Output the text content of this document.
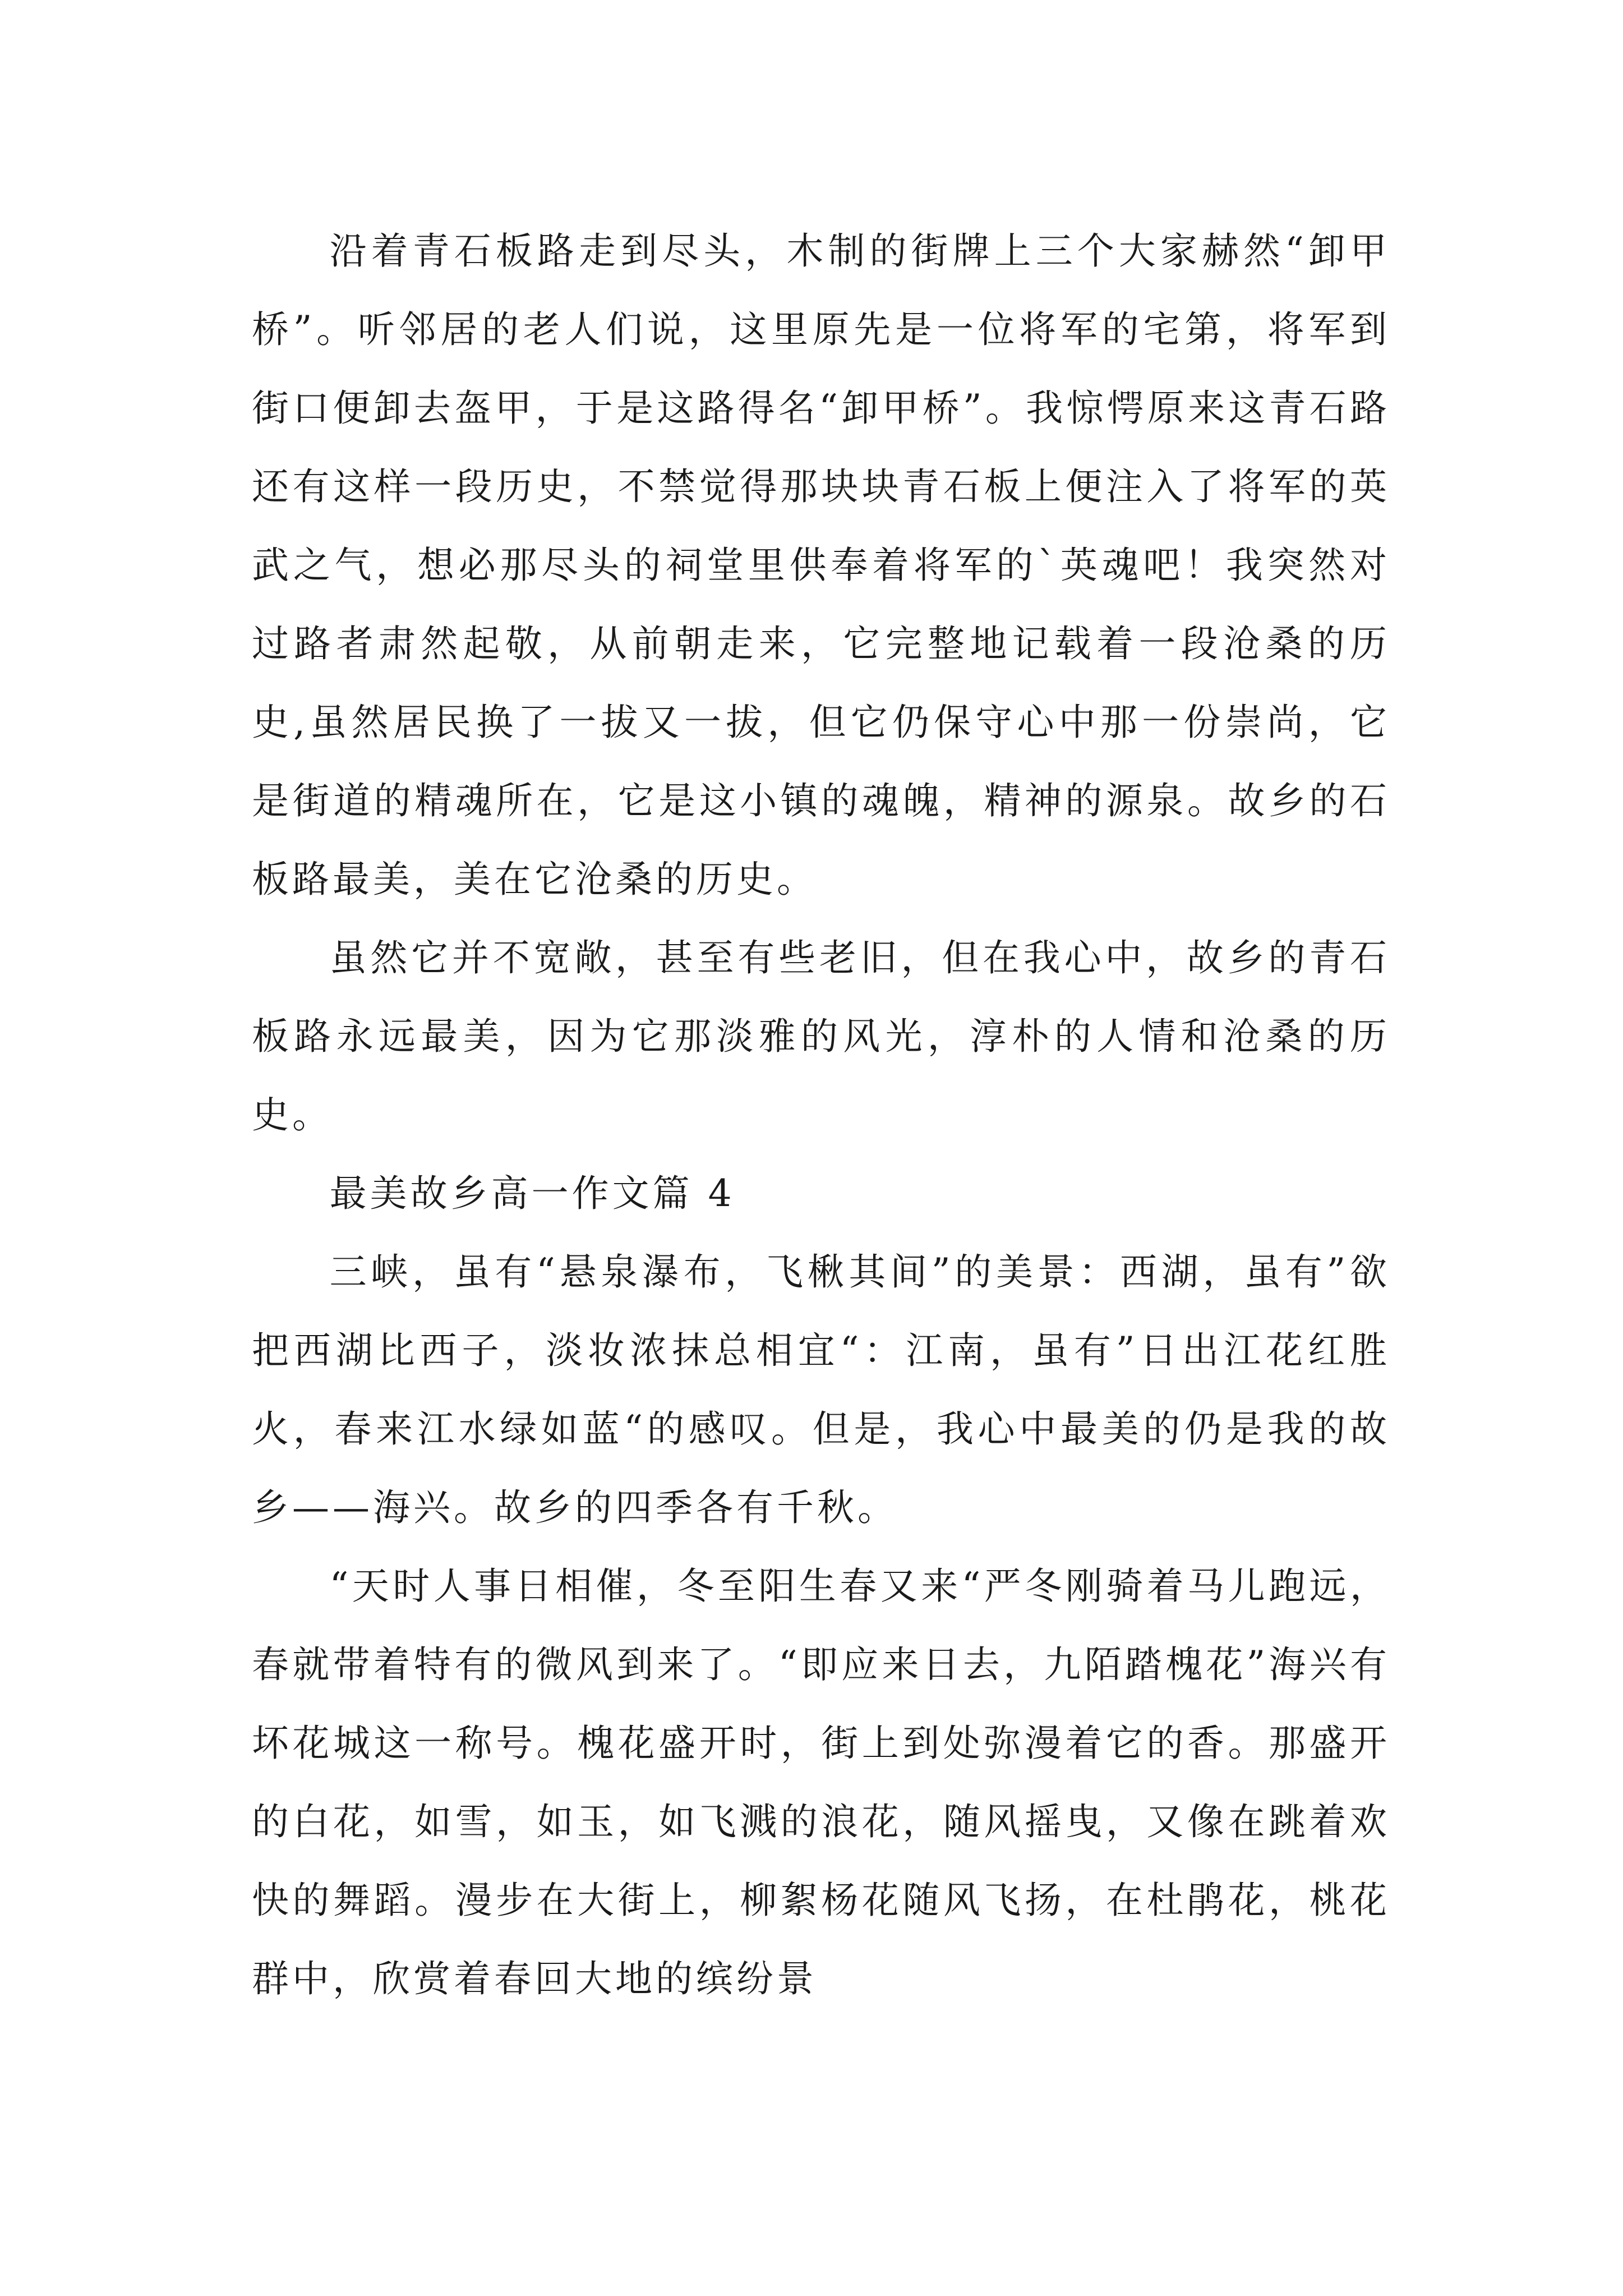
沿着青石板路走到尽头，木制的街牌上三个大家赫然“卸甲桥”。听邻居的老人们说，这里原先是一位将军的宅第，将军到街口便卸去盔甲，于是这路得名“卸甲桥”。我惊愕原来这青石路还有这样一段历史，不禁觉得那块块青石板上便注入了将军的英武之气，想必那尽头的祠堂里供奉着将军的`英魂吧！我突然对过路者肃然起敬，从前朝走来，它完整地记载着一段沧桑的历史,虽然居民换了一拔又一拔，但它仍保守心中那一份崇尚，它是街道的精魂所在，它是这小镇的魂魄，精神的源泉。故乡的石板路最美，美在它沧桑的历史。

虽然它并不宽敞，甚至有些老旧，但在我心中，故乡的青石板路永远最美，因为它那淡雅的风光，淳朴的人情和沧桑的历史。

最美故乡高一作文篇 4

三峡，虽有“悬泉瀑布，飞楸其间”的美景：西湖，虽有”欲把西湖比西子，淡妆浓抹总相宜“：江南，虽有”日出江花红胜火，春来江水绿如蓝“的感叹。但是，我心中最美的仍是我的故乡——海兴。故乡的四季各有千秋。

“天时人事日相催，冬至阳生春又来“严冬刚骑着马儿跑远，春就带着特有的微风到来了。“即应来日去，九陌踏槐花”海兴有坏花城这一称号。槐花盛开时，街上到处弥漫着它的香。那盛开的白花，如雪，如玉，如飞溅的浪花，随风摇曳，又像在跳着欢快的舞蹈。漫步在大街上，柳絮杨花随风飞扬，在杜鹃花，桃花群中，欣赏着春回大地的缤纷景
